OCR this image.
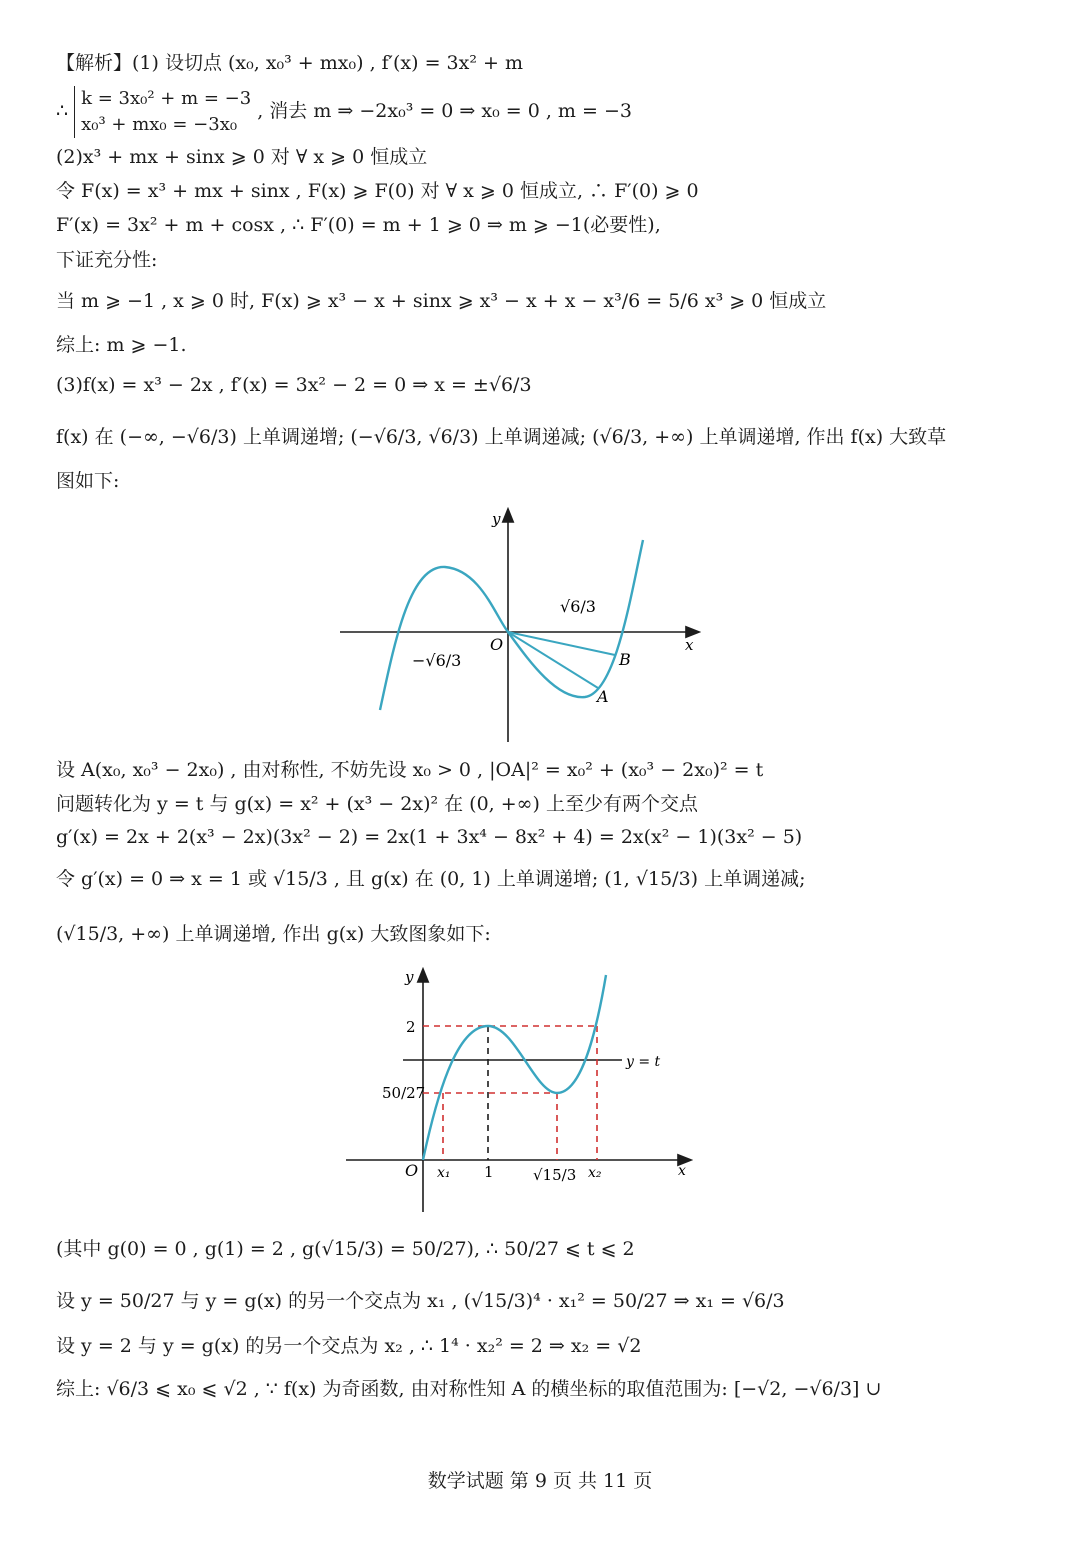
【解析】(1) 设切点 (x₀, x₀³ + mx₀) , f′(x) = 3x² + m
∴
k = 3x₀² + m = −3
x₀³ + mx₀ = −3x₀
, 消去 m ⇒ −2x₀³ = 0 ⇒ x₀ = 0 , m = −3
(2)x³ + mx + sinx ⩾ 0 对 ∀ x ⩾ 0 恒成立
令 F(x) = x³ + mx + sinx , F(x) ⩾ F(0) 对 ∀ x ⩾ 0 恒成立, ∴ F′(0) ⩾ 0
F′(x) = 3x² + m + cosx , ∴ F′(0) = m + 1 ⩾ 0 ⇒ m ⩾ −1(必要性),
下证充分性:
当 m ⩾ −1 , x ⩾ 0 时, F(x) ⩾ x³ − x + sinx ⩾ x³ − x + x − x³/6 = 5/6 x³ ⩾ 0 恒成立
综上: m ⩾ −1.
(3)f(x) = x³ − 2x , f′(x) = 3x² − 2 = 0 ⇒ x = ±√6/3
f(x) 在 (−∞, −√6/3) 上单调递增; (−√6/3, √6/3) 上单调递减; (√6/3, +∞) 上单调递增, 作出 f(x) 大致草
图如下:
y
x
O
√6/3
−√6/3
A
B
设 A(x₀, x₀³ − 2x₀) , 由对称性, 不妨先设 x₀ > 0 , |OA|² = x₀² + (x₀³ − 2x₀)² = t
问题转化为 y = t 与 g(x) = x² + (x³ − 2x)² 在 (0, +∞) 上至少有两个交点
g′(x) = 2x + 2(x³ − 2x)(3x² − 2) = 2x(1 + 3x⁴ − 8x² + 4) = 2x(x² − 1)(3x² − 5)
令 g′(x) = 0 ⇒ x = 1 或 √15/3 , 且 g(x) 在 (0, 1) 上单调递增; (1, √15/3) 上单调递减;
(√15/3, +∞) 上单调递增, 作出 g(x) 大致图象如下:
y
x
O
2
50/27
x₁ 1	√15/3 x₂
y = t
(其中 g(0) = 0 , g(1) = 2 , g(√15/3) = 50/27), ∴ 50/27 ⩽ t ⩽ 2
设 y = 50/27 与 y = g(x) 的另一个交点为 x₁ , (√15/3)⁴ · x₁² = 50/27 ⇒ x₁ = √6/3
设 y = 2 与 y = g(x) 的另一个交点为 x₂ , ∴ 1⁴ · x₂² = 2 ⇒ x₂ = √2
综上: √6/3 ⩽ x₀ ⩽ √2 , ∵ f(x) 为奇函数, 由对称性知 A 的横坐标的取值范围为: [−√2, −√6/3] ∪
数学试题 第 9 页 共 11 页
